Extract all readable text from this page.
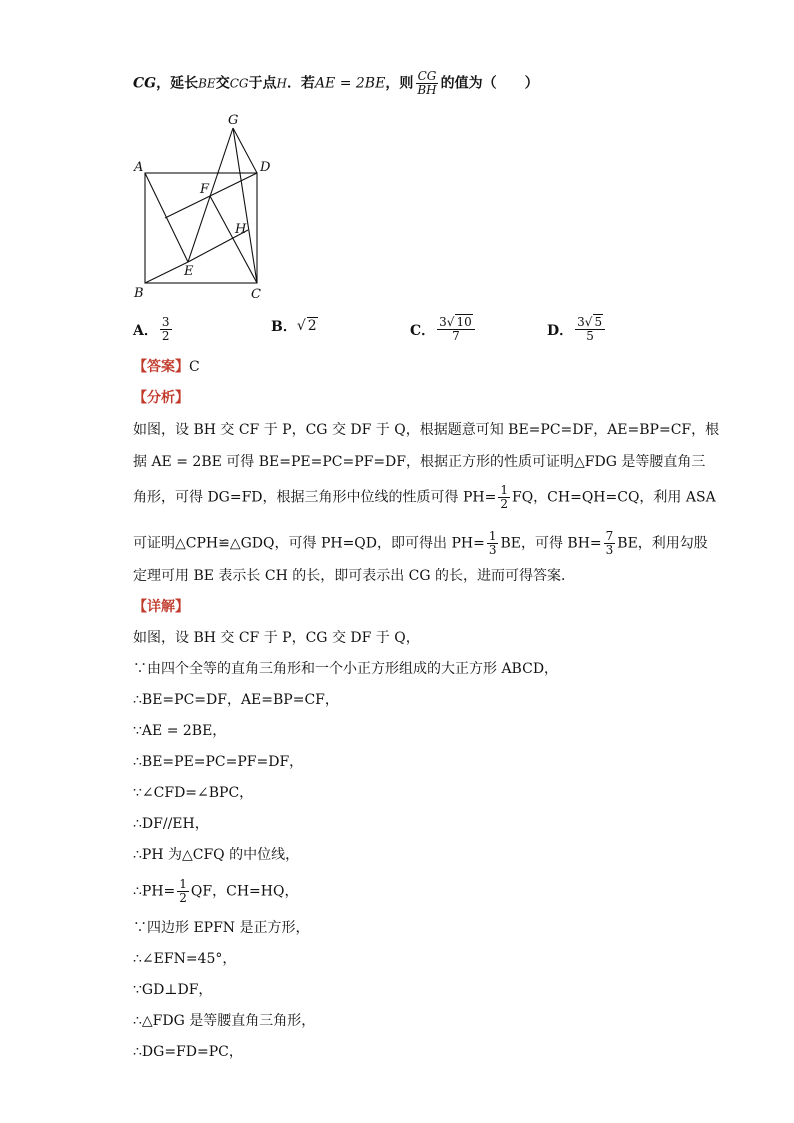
CG，延长BE交CG于点H．若AE = 2BE，则 $\frac{CG}{BH}$ 的值为（　　）
G
A	D
F
H
E
B	C
A． $\frac{3}{2}$	B． √ 2	C． $\frac{3√ 10}{7}$	D． $\frac{3√ 5}{5}$
【答案】C
【分析】
如图，设 BH 交 CF 于 P，CG 交 DF 于 Q，根据题意可知 BE=PC=DF，AE=BP=CF，根
据 AE = 2BE 可得 BE=PE=PC=PF=DF，根据正方形的性质可证明△FDG 是等腰直角三
角形，可得 DG=FD，根据三角形中位线的性质可得 $PH= \frac{1}{2}$ FQ，CH=QH=CQ，利用 ASA
可证明△CPH≌△GDQ，可得 PH=QD，即可得出 $PH= \frac{1}{3}$ BE，可得 $BH= \frac{7}{3}$ BE，利用勾股
定理可用 BE 表示长 CH 的长，即可表示出 CG 的长，进而可得答案．
【详解】
如图，设 BH 交 CF 于 P，CG 交 DF 于 Q，
∵由四个全等的直角三角形和一个小正方形组成的大正方形 ABCD，
∴BE=PC=DF，AE=BP=CF，
∵AE = 2BE，
∴BE=PE=PC=PF=DF，
∵∠CFD=∠BPC，
∴DF//EH，
∴PH 为△CFQ 的中位线，
∴PH= $\frac{1}{2}$ QF，CH=HQ，
∵四边形 EPFN 是正方形，
∴∠EFN=45°，
∵GD⊥DF，
∴△FDG 是等腰直角三角形，
∴DG=FD=PC，
